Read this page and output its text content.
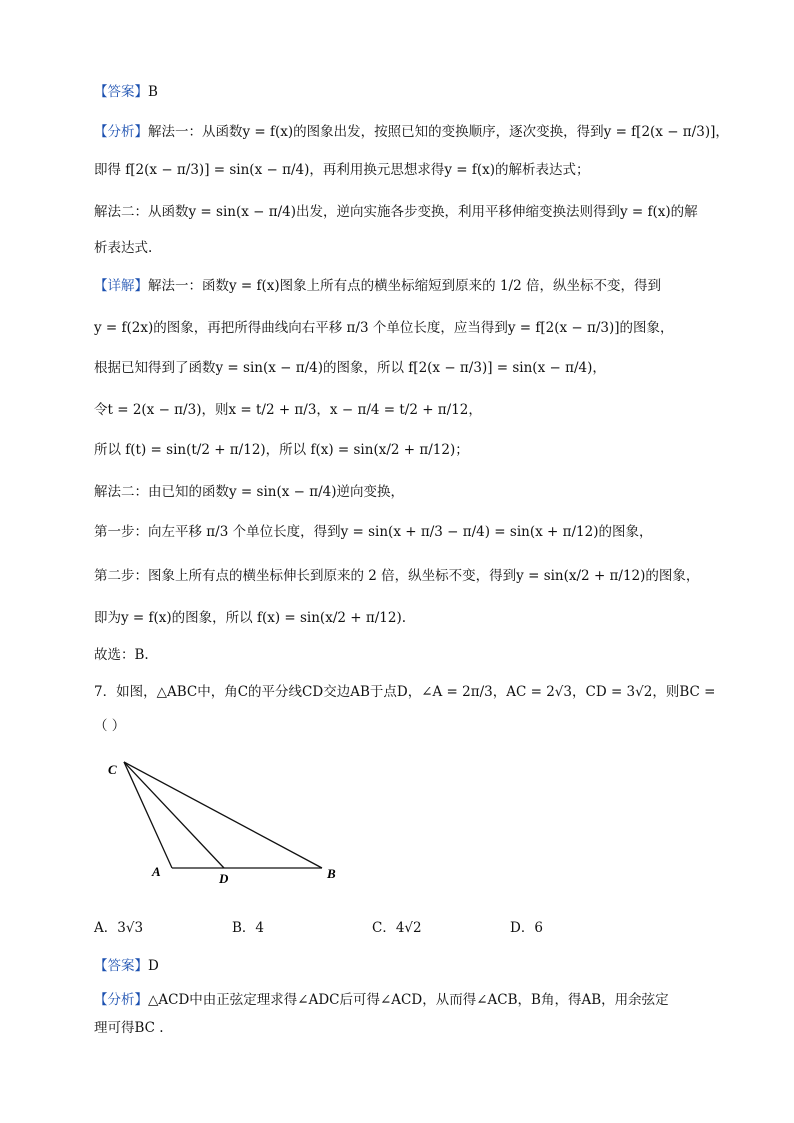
【答案】B
【分析】解法一：从函数y = f(x)的图象出发，按照已知的变换顺序，逐次变换，得到y = f[2(x − π/3)]，
即得 f[2(x − π/3)] = sin(x − π/4)，再利用换元思想求得y = f(x)的解析表达式；
解法二：从函数y = sin(x − π/4)出发，逆向实施各步变换，利用平移伸缩变换法则得到y = f(x)的解
析表达式.
【详解】解法一：函数y = f(x)图象上所有点的横坐标缩短到原来的 1/2 倍，纵坐标不变，得到
y = f(2x)的图象，再把所得曲线向右平移 π/3 个单位长度，应当得到y = f[2(x − π/3)]的图象，
根据已知得到了函数y = sin(x − π/4)的图象，所以 f[2(x − π/3)] = sin(x − π/4)，
令t = 2(x − π/3)，则x = t/2 + π/3，x − π/4 = t/2 + π/12，
所以 f(t) = sin(t/2 + π/12)，所以 f(x) = sin(x/2 + π/12)；
解法二：由已知的函数y = sin(x − π/4)逆向变换，
第一步：向左平移 π/3 个单位长度，得到y = sin(x + π/3 − π/4) = sin(x + π/12)的图象，
第二步：图象上所有点的横坐标伸长到原来的 2 倍，纵坐标不变，得到y = sin(x/2 + π/12)的图象，
即为y = f(x)的图象，所以 f(x) = sin(x/2 + π/12).
故选：B.
7．如图，△ABC中，角C的平分线CD交边AB于点D，∠A = 2π/3，AC = 2√3，CD = 3√2，则BC =
（ ）
C
A	D	B
A．3√3	B．4	C．4√2	D．6
【答案】D
【分析】△ACD中由正弦定理求得∠ADC后可得∠ACD，从而得∠ACB，B角，得AB，用余弦定
理可得BC .
